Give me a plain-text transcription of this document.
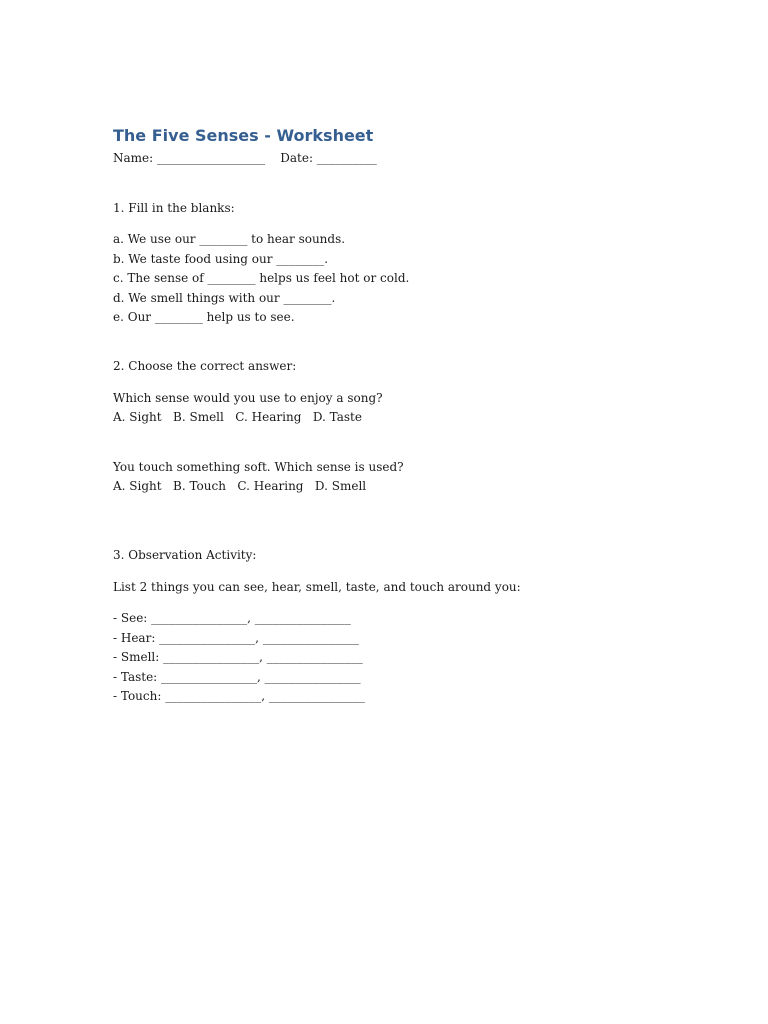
The Five Senses - Worksheet
Name: __________________    Date: __________
1. Fill in the blanks:
a. We use our ________ to hear sounds.
b. We taste food using our ________.
c. The sense of ________ helps us feel hot or cold.
d. We smell things with our ________.
e. Our ________ help us to see.
2. Choose the correct answer:
Which sense would you use to enjoy a song?
A. Sight   B. Smell   C. Hearing   D. Taste
You touch something soft. Which sense is used?
A. Sight   B. Touch   C. Hearing   D. Smell
3. Observation Activity:
List 2 things you can see, hear, smell, taste, and touch around you:
- See: ________________, ________________
- Hear: ________________, ________________
- Smell: ________________, ________________
- Taste: ________________, ________________
- Touch: ________________, ________________
